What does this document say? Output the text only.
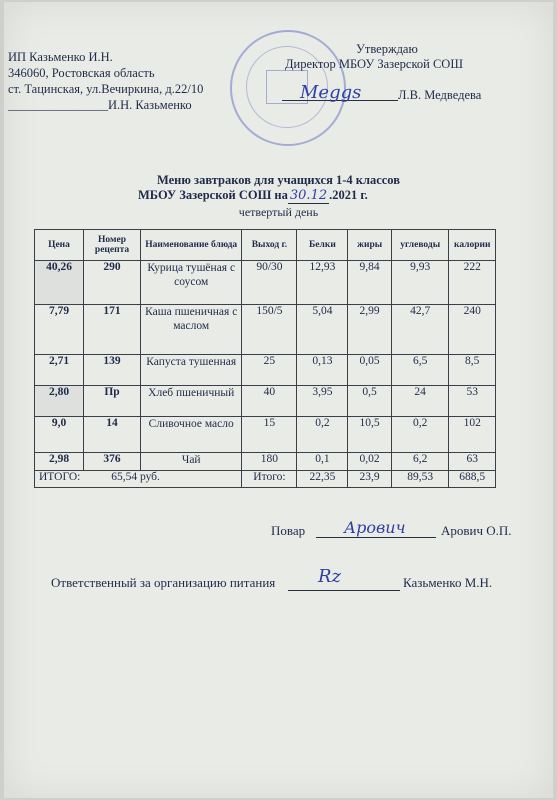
ИП Казьменко И.Н.
346060, Ростовская область
ст. Тацинская, ул.Вечиркина, д.22/10
________________И.Н. Казьменко
Утверждаю
Директор МБОУ Зазерской СОШ
Meggs	Л.В. Медведева
Меню завтраков для учащихся 1-4 классов
МБОУ Зазерской СОШ на 30.12 .2021 г.
четвертый день
Цена	Номер рецепта	Наименование блюда	Выход г.	Белки	жиры	углеводы	калории
40,26	290	Курица тушёная с соусом	90/30	12,93	9,84	9,93	222
7,79	171	Каша пшеничная с маслом	150/5	5,04	2,99	42,7	240
2,71	139	Капуста тушенная	25	0,13	0,05	6,5	8,5
2,80	Пр	Хлеб пшеничный	40	3,95	0,5	24	53
9,0	14	Сливочное масло	15	0,2	10,5	0,2	102
2,98	376	Чай	180	0,1	0,02	6,2	63
ИТОГО: 65,54 руб.			Итого:	22,35	23,9	89,53	688,5
Повар Арович	Арович О.П.
Ответственный за организацию питания Rz	Казьменко М.Н.
